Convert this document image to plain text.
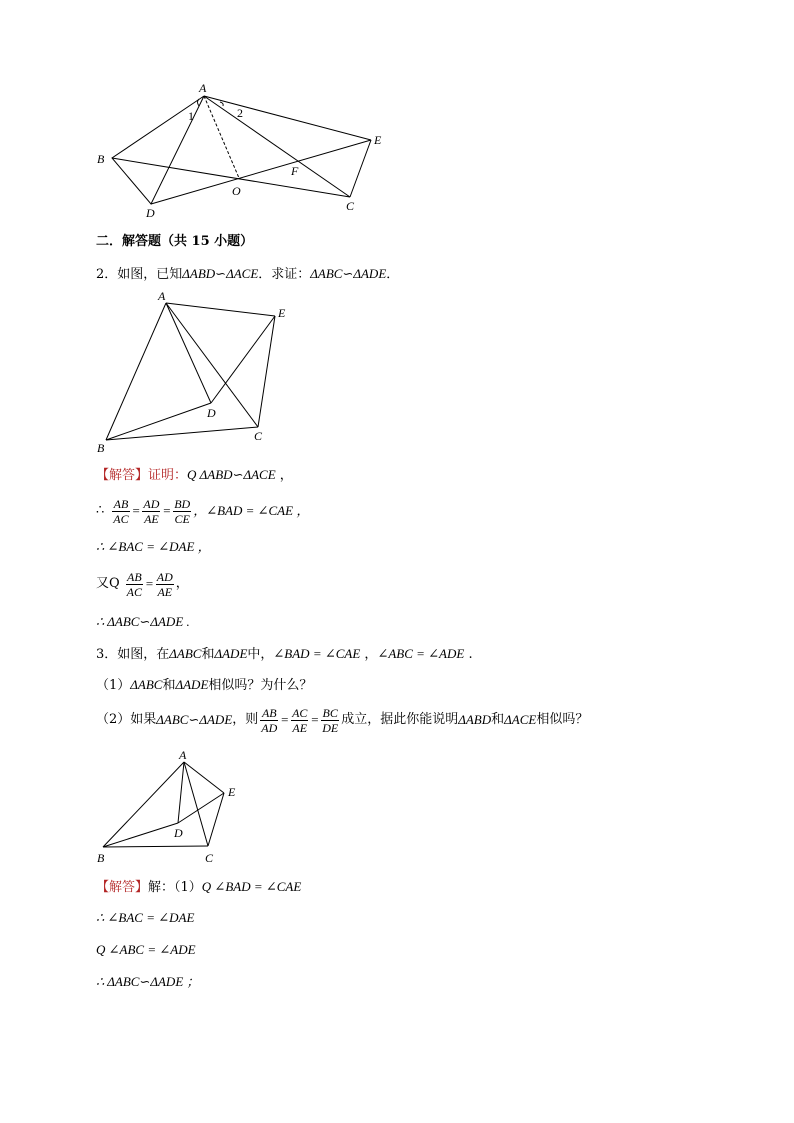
A
B
C
D
E
F
O
1	2
二．解答题（共 15 小题）
2．如图，已知ΔABD∽ΔACE．求证：ΔABC∽ΔADE．
A
B
C
D
E
【解答】证明：Q ΔABD∽ΔACE ，
∴ $\frac{AB}{AC} = \frac{AD}{AE} = \frac{BD}{CE}$ ，∠BAD = ∠CAE ，
∴ ∠BAC = ∠DAE ，
又Q $\frac{AB}{AC} = \frac{AD}{AE}$ ，
∴ ΔABC∽ΔADE .
3．如图，在ΔABC和ΔADE中，∠BAD = ∠CAE ，∠ABC = ∠ADE .
（1）ΔABC和ΔADE相似吗？为什么？
（2）如果 ΔABC∽ΔADE ，则 $\frac{AB}{AD} = \frac{AC}{AE} = \frac{BC}{DE}$ 成立，据此你能说明 ΔABD 和 ΔACE 相似吗？
A
B	C
D
E
【解答】解：（1）Q ∠BAD = ∠CAE
∴ ∠BAC = ∠DAE
Q ∠ABC = ∠ADE
∴ ΔABC∽ΔADE ；
